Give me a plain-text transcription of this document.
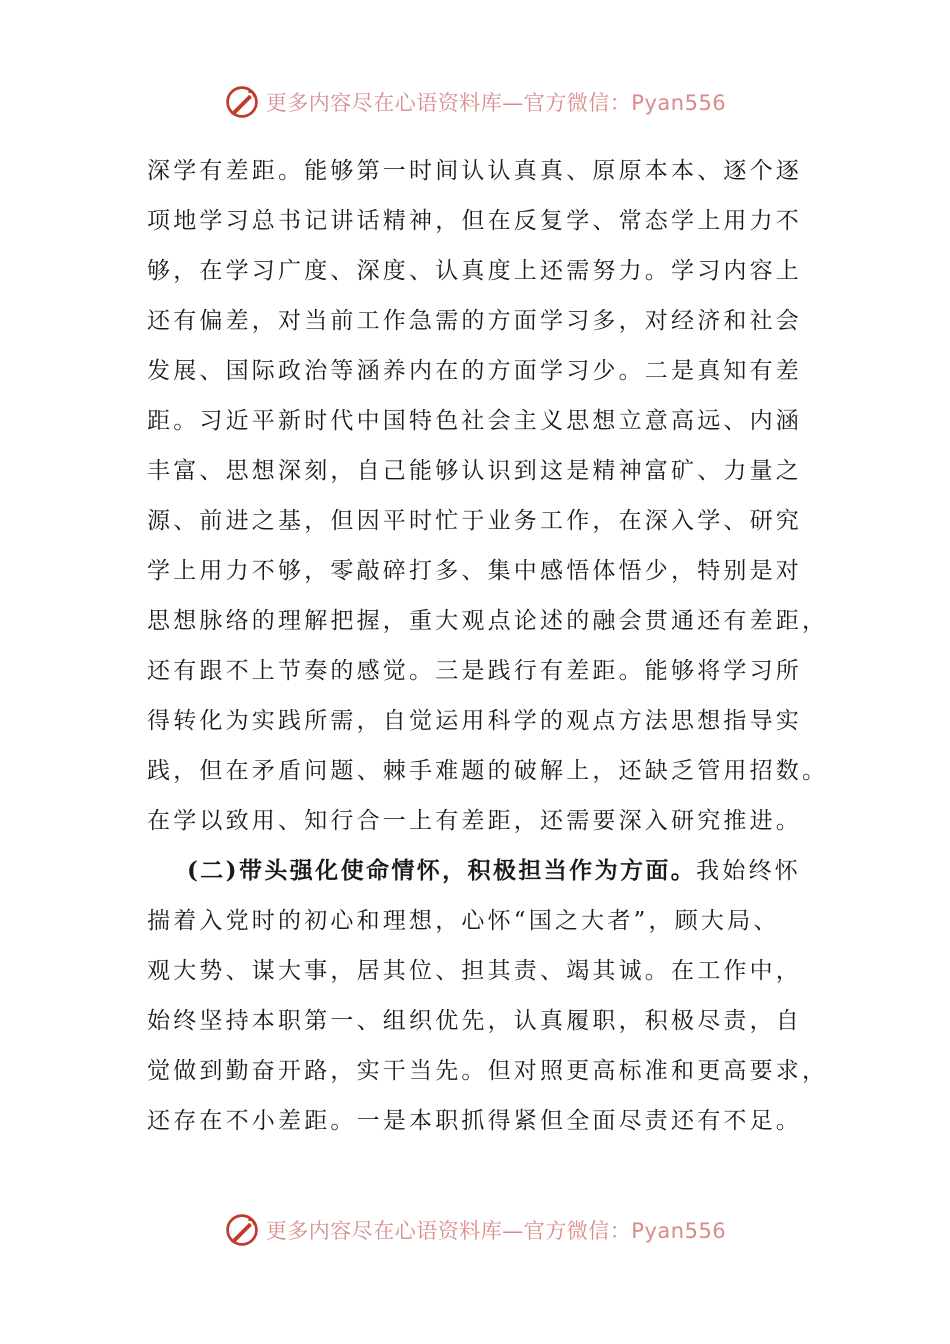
更多内容尽在心语资料库—官方微信：Pyan556
深学有差距。能够第一时间认认真真、原原本本、逐个逐
项地学习总书记讲话精神，但在反复学、常态学上用力不
够，在学习广度、深度、认真度上还需努力。学习内容上
还有偏差，对当前工作急需的方面学习多，对经济和社会
发展、国际政治等涵养内在的方面学习少。二是真知有差
距。习近平新时代中国特色社会主义思想立意高远、内涵
丰富、思想深刻，自己能够认识到这是精神富矿、力量之
源、前进之基，但因平时忙于业务工作，在深入学、研究
学上用力不够，零敲碎打多、集中感悟体悟少，特别是对
思想脉络的理解把握，重大观点论述的融会贯通还有差距，
还有跟不上节奏的感觉。三是践行有差距。能够将学习所
得转化为实践所需，自觉运用科学的观点方法思想指导实
践，但在矛盾问题、棘手难题的破解上，还缺乏管用招数。
在学以致用、知行合一上有差距，还需要深入研究推进。
(二)带头强化使命情怀，积极担当作为方面。我始终怀
揣着入党时的初心和理想，心怀“国之大者”，顾大局、
观大势、谋大事，居其位、担其责、竭其诚。在工作中，
始终坚持本职第一、组织优先，认真履职，积极尽责，自
觉做到勤奋开路，实干当先。但对照更高标准和更高要求，
还存在不小差距。一是本职抓得紧但全面尽责还有不足。
更多内容尽在心语资料库—官方微信：Pyan556
